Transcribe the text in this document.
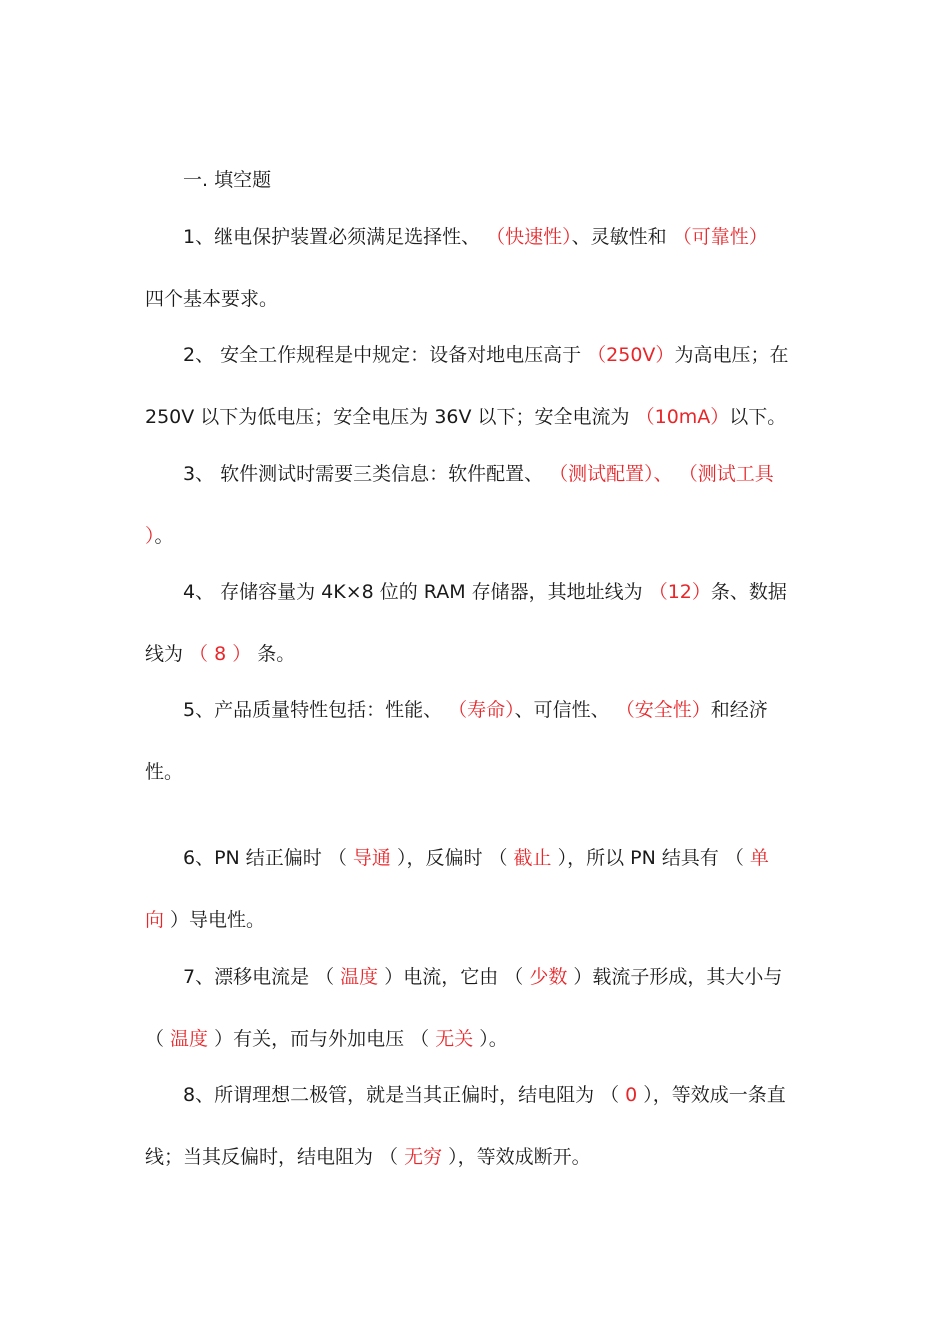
一. 填空题
1、继电保护装置必须满足选择性、 （快速性）、灵敏性和 （可靠性）
四个基本要求。
2、 安全工作规程是中规定：设备对地电压高于 （250V）为高电压；在
250V 以下为低电压；安全电压为 36V 以下；安全电流为 （10mA）以下。
3、 软件测试时需要三类信息：软件配置、 （测试配置）、 （测试工具
）。
4、 存储容量为 4K×8 位的 RAM 存储器，其地址线为 （12）条、数据
线为 （ 8 ） 条。
5、产品质量特性包括：性能、 （寿命）、可信性、 （安全性）和经济
性。
6、PN 结正偏时 （ 导通 ），反偏时 （ 截止 ），所以 PN 结具有 （ 单
向 ）导电性。
7、漂移电流是 （ 温度 ）电流，它由 （ 少数 ）载流子形成，其大小与
（ 温度 ）有关，而与外加电压 （ 无关 ）。
8、所谓理想二极管，就是当其正偏时，结电阻为 （ 0 ），等效成一条直
线；当其反偏时，结电阻为 （ 无穷 ），等效成断开。
